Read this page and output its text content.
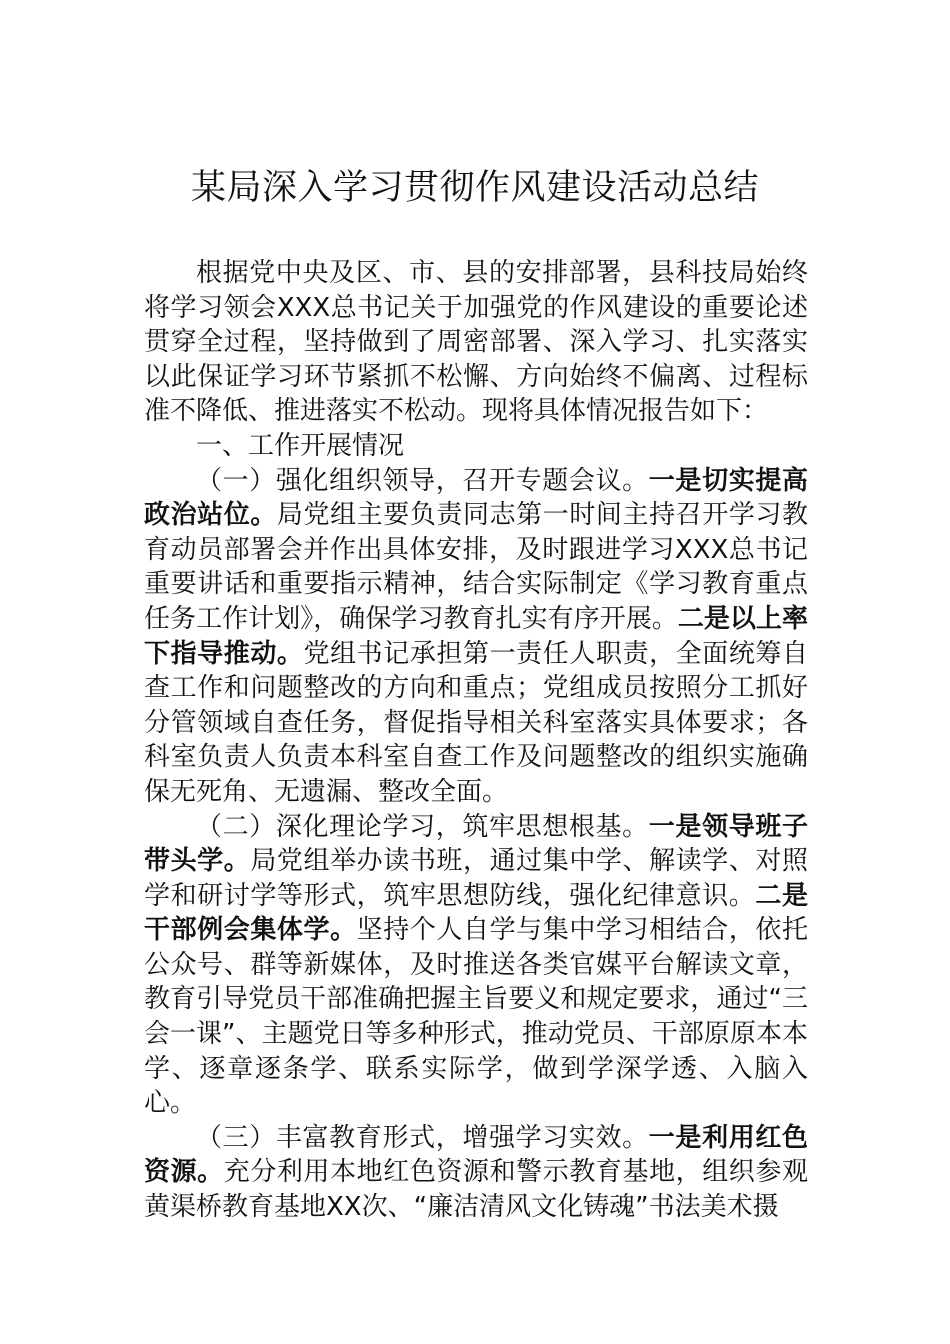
某局深入学习贯彻作风建设活动总结

根据党中央及区、市、县的安排部署，县科技局始终将学习领会XXX总书记关于加强党的作风建设的重要论述贯穿全过程，坚持做到了周密部署、深入学习、扎实落实以此保证学习环节紧抓不松懈、方向始终不偏离、过程标准不降低、推进落实不松动。现将具体情况报告如下：

一、工作开展情况

（一）强化组织领导，召开专题会议。一是切实提高政治站位。局党组主要负责同志第一时间主持召开学习教育动员部署会并作出具体安排，及时跟进学习XXX总书记重要讲话和重要指示精神，结合实际制定《学习教育重点任务工作计划》，确保学习教育扎实有序开展。二是以上率下指导推动。党组书记承担第一责任人职责，全面统筹自查工作和问题整改的方向和重点；党组成员按照分工抓好分管领域自查任务，督促指导相关科室落实具体要求；各科室负责人负责本科室自查工作及问题整改的组织实施确保无死角、无遗漏、整改全面。

（二）深化理论学习，筑牢思想根基。一是领导班子带头学。局党组举办读书班，通过集中学、解读学、对照学和研讨学等形式，筑牢思想防线，强化纪律意识。二是干部例会集体学。坚持个人自学与集中学习相结合，依托公众号、群等新媒体，及时推送各类官媒平台解读文章，教育引导党员干部准确把握主旨要义和规定要求，通过“三会一课”、主题党日等多种形式，推动党员、干部原原本本学、逐章逐条学、联系实际学，做到学深学透、入脑入心。

（三）丰富教育形式，增强学习实效。一是利用红色资源。充分利用本地红色资源和警示教育基地，组织参观黄渠桥教育基地XX次、“廉洁清风文化铸魂”书法美术摄
